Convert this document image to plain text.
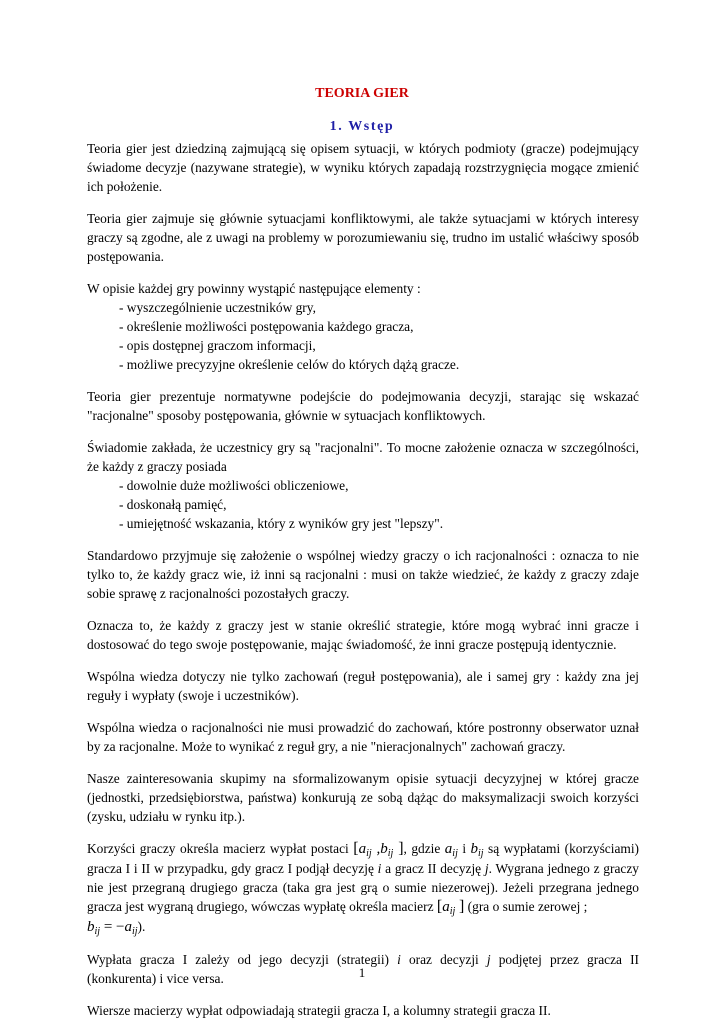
TEORIA GIER
1. Wstęp

Teoria gier jest dziedziną zajmującą się opisem sytuacji, w których podmioty (gracze) podejmujący świadome decyzje (nazywane strategie), w wyniku których zapadają rozstrzygnięcia mogące zmienić ich położenie.

Teoria gier zajmuje się głównie sytuacjami konfliktowymi, ale także sytuacjami w których interesy graczy są zgodne, ale z uwagi na problemy w porozumiewaniu się, trudno im ustalić właściwy sposób postępowania.

W opisie każdej gry powinny wystąpić następujące elementy :

- wyszczególnienie uczestników gry,
- określenie możliwości postępowania każdego gracza,
- opis dostępnej graczom informacji,
- możliwe precyzyjne określenie celów do których dążą gracze.

Teoria gier prezentuje normatywne podejście do podejmowania decyzji, starając się wskazać "racjonalne" sposoby postępowania, głównie w sytuacjach konfliktowych.

Świadomie zakłada, że uczestnicy gry są "racjonalni". To mocne założenie oznacza w szczególności, że każdy z graczy posiada

- dowolnie duże możliwości obliczeniowe,
- doskonałą pamięć,
- umiejętność wskazania, który z wyników gry jest "lepszy".

Standardowo przyjmuje się założenie o wspólnej wiedzy graczy o ich racjonalności : oznacza to nie tylko to, że każdy gracz wie, iż inni są racjonalni : musi on także wiedzieć, że każdy z graczy zdaje sobie sprawę z racjonalności pozostałych graczy.

Oznacza to, że każdy z graczy jest w stanie określić strategie, które mogą wybrać inni gracze i dostosować do tego swoje postępowanie, mając świadomość, że inni gracze postępują identycznie.

Wspólna wiedza dotyczy nie tylko zachowań (reguł postępowania), ale i samej gry : każdy zna jej reguły i wypłaty (swoje i uczestników).

Wspólna wiedza o racjonalności nie musi prowadzić do zachowań, które postronny obserwator uznał by za racjonalne. Może to wynikać z reguł gry, a nie "nieracjonalnych" zachowań graczy.

Nasze zainteresowania skupimy na sformalizowanym opisie sytuacji decyzyjnej w której gracze (jednostki, przedsiębiorstwa, państwa) konkurują ze sobą dążąc do maksymalizacji swoich korzyści (zysku, udziału w rynku itp.).

Korzyści graczy określa macierz wypłat postaci [$a_{ij}$ $,b_{ij}$ ], gdzie $a_{ij}$ i $b_{ij}$ są wypłatami (korzyściami) gracza I i II w przypadku, gdy gracz I podjął decyzję i a gracz II decyzję j. Wygrana jednego z graczy nie jest przegraną drugiego gracza (taka gra jest grą o sumie niezerowej). Jeżeli przegrana jednego gracza jest wygraną drugiego, wówczas wypłatę określa macierz [$a_{ij}$ ] (gra o sumie zerowej ;
$b_{ij} = -a_{ij}$).

Wypłata gracza I zależy od jego decyzji (strategii) i oraz decyzji j podjętej przez gracza II (konkurenta) i vice versa.

Wiersze macierzy wypłat odpowiadają strategii gracza I, a kolumny strategii gracza II.

1
